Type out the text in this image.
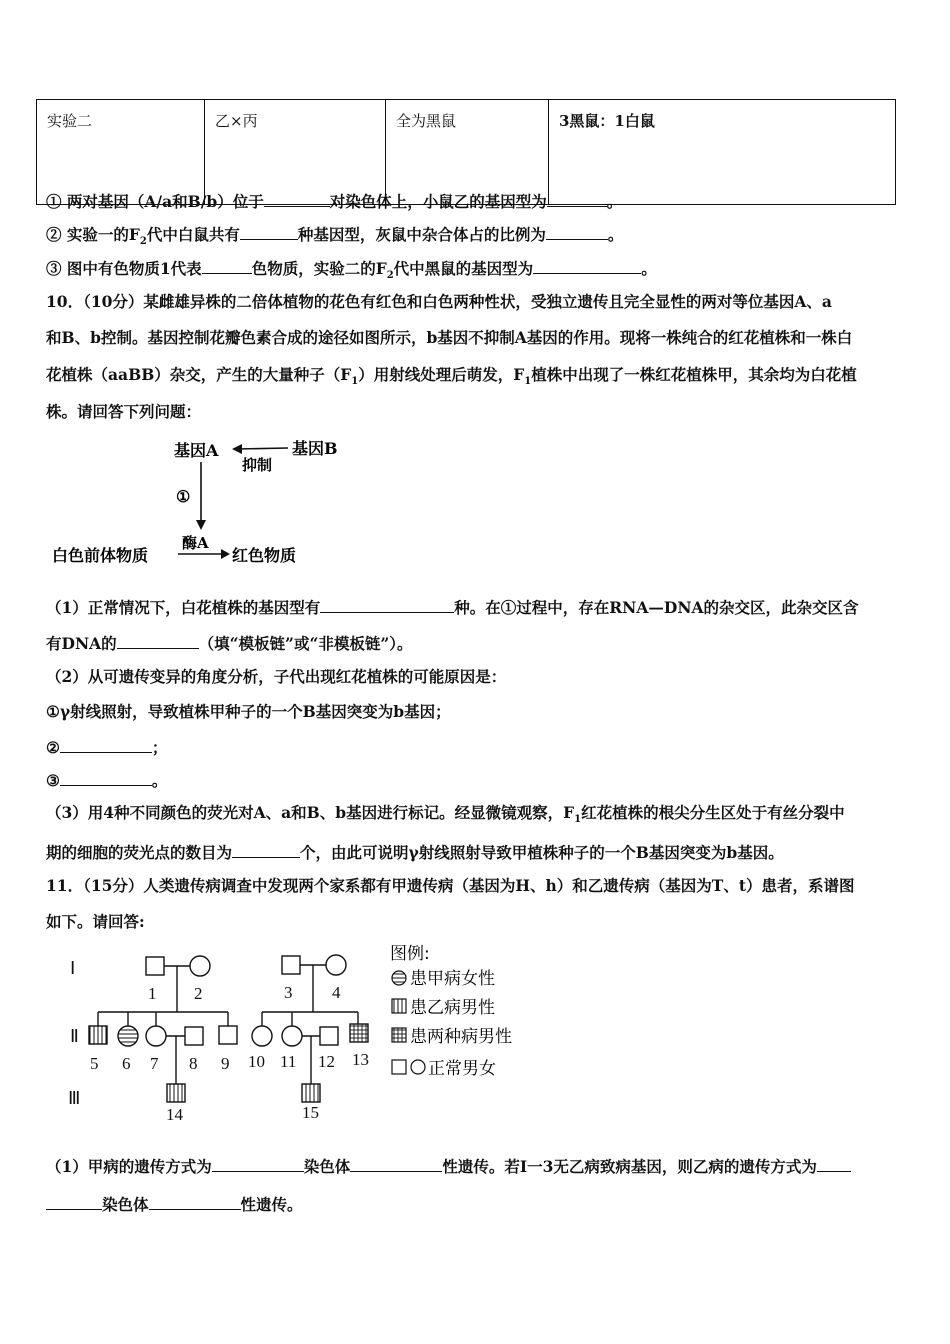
实验二	乙×丙	全为黑鼠	3黑鼠：1白鼠
① 两对基因（A/a和B/b）位于	对染色体上，小鼠乙的基因型为	。
② 实验一的$F_2$代中白鼠共有	种基因型，灰鼠中杂合体占的比例为	。
③ 图中有色物质1代表	色物质，实验二的$F_2$代中黑鼠的基因型为	。
10．（10分）某雌雄异株的二倍体植物的花色有红色和白色两种性状，受独立遗传且完全显性的两对等位基因A、a
和B、b控制。基因控制花瓣色素合成的途径如图所示，b基因不抑制A基因的作用。现将一株纯合的红花植株和一株白
花植株（aaBB）杂交，产生的大量种子$(F_1)$用射线处理后萌发，$F_1$植株中出现了一株红花植株甲，其余均为白花植
株。请回答下列问题：
基因A	基因B
抑制
①
白色前体物质
酶A
红色物质
（1）正常情况下，白花植株的基因型有	种。在①过程中，存在RNA—DNA的杂交区，此杂交区含
有DNA的	（填“模板链”或“非模板链”）。
（2）从可遗传变异的角度分析，子代出现红花植株的可能原因是：
①γ射线照射，导致植株甲种子的一个B基因突变为b基因；
②	；
③	。
（3）用4种不同颜色的荧光对A、a和B、b基因进行标记。经显微镜观察，$F_1$红花植株的根尖分生区处于有丝分裂中
期的细胞的荧光点的数目为	个，由此可说明γ射线照射导致甲植株种子的一个B基因突变为b基因。
11．（15分）人类遗传病调查中发现两个家系都有甲遗传病（基因为H、h）和乙遗传病（基因为T、t）患者，系谱图
如下。请回答:
Ⅰ
Ⅱ
Ⅲ
1 2	3 4
5 6 7 8 9 10 11 12 13
14	15
图例:
患甲病女性
患乙病男性
患两种病男性
正常男女
（1）甲病的遗传方式为	染色体	性遗传。若Ⅰ一3无乙病致病基因，则乙病的遗传方式为
染色体	性遗传。
